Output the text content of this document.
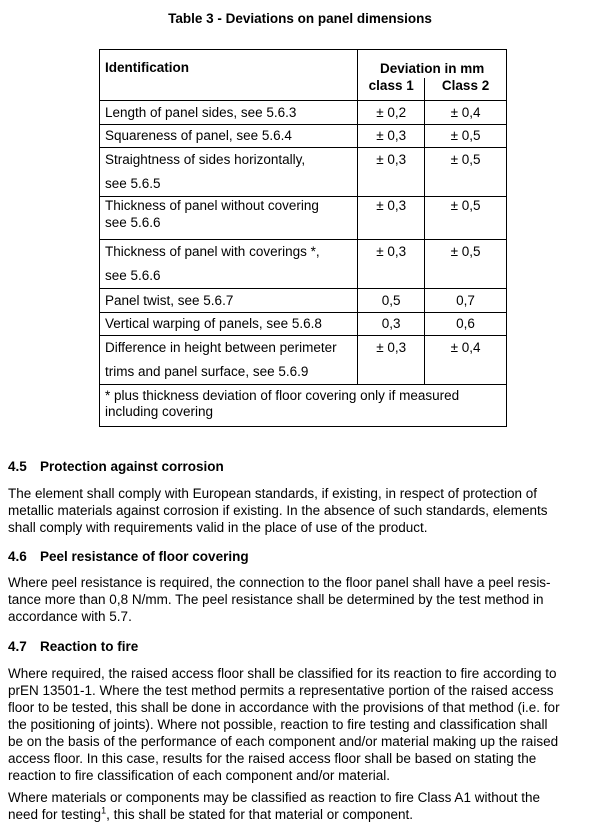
Table 3 - Deviations on panel dimensions
Identification	Deviation in mm	
	class 1	Class 2
Length of panel sides, see 5.6.3	± 0,2	± 0,4
Squareness of panel, see 5.6.4	± 0,3	± 0,5
Straightness of sides horizontally,
see 5.6.5	± 0,3	± 0,5
Thickness of panel without covering
see 5.6.6	± 0,3	± 0,5
Thickness of panel with coverings *,
see 5.6.6	± 0,3	± 0,5
Panel twist, see 5.6.7	0,5	0,7
Vertical warping of panels, see 5.6.8	0,3	0,6
Difference in height between perimeter
trims and panel surface, see 5.6.9	± 0,3	± 0,4
* plus thickness deviation of floor covering only if measured
including covering		
4.5 Protection against corrosion
The element shall comply with European standards, if existing, in respect of protection of
metallic materials against corrosion if existing. In the absence of such standards, elements
shall comply with requirements valid in the place of use of the product.
4.6 Peel resistance of floor covering
Where peel resistance is required, the connection to the floor panel shall have a peel resis-
tance more than 0,8 N/mm. The peel resistance shall be determined by the test method in
accordance with 5.7.
4.7 Reaction to fire
Where required, the raised access floor shall be classified for its reaction to fire according to
prEN 13501-1. Where the test method permits a representative portion of the raised access
floor to be tested, this shall be done in accordance with the provisions of that method (i.e. for
the positioning of joints). Where not possible, reaction to fire testing and classification shall
be on the basis of the performance of each component and/or material making up the raised
access floor. In this case, results for the raised access floor shall be based on stating the
reaction to fire classification of each component and/or material.
Where materials or components may be classified as reaction to fire Class A1 without the
need for testing$^1$, this shall be stated for that material or component.
